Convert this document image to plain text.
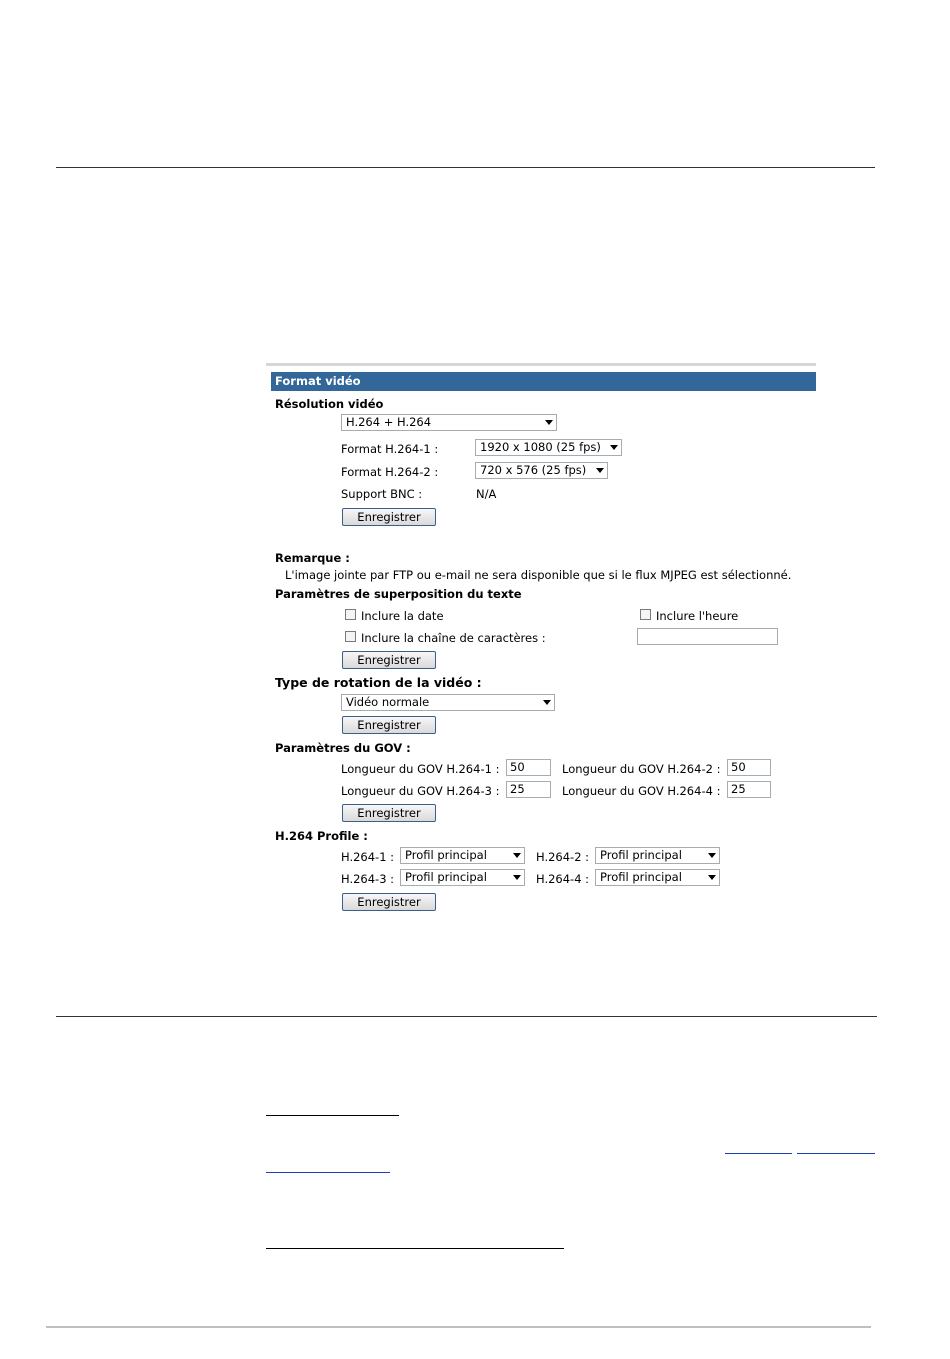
Format vidéo
Résolution vidéo
H.264 + H.264
Format H.264-1 :	1920 x 1080 (25 fps)
Format H.264-2 :	720 x 576 (25 fps)
Support BNC :	N/A
Enregistrer
Remarque :
L'image jointe par FTP ou e-mail ne sera disponible que si le flux MJPEG est sélectionné.
Paramètres de superposition du texte
Inclure la date	Inclure l'heure
Inclure la chaîne de caractères :
Enregistrer
Type de rotation de la vidéo :
Vidéo normale
Enregistrer
Paramètres du GOV :
Longueur du GOV H.264-1 : 50	Longueur du GOV H.264-2 : 50
Longueur du GOV H.264-3 : 25	Longueur du GOV H.264-4 : 25
Enregistrer
H.264 Profile :
H.264-1 : Profil principal	H.264-2 : Profil principal
H.264-3 : Profil principal	H.264-4 : Profil principal
Enregistrer
